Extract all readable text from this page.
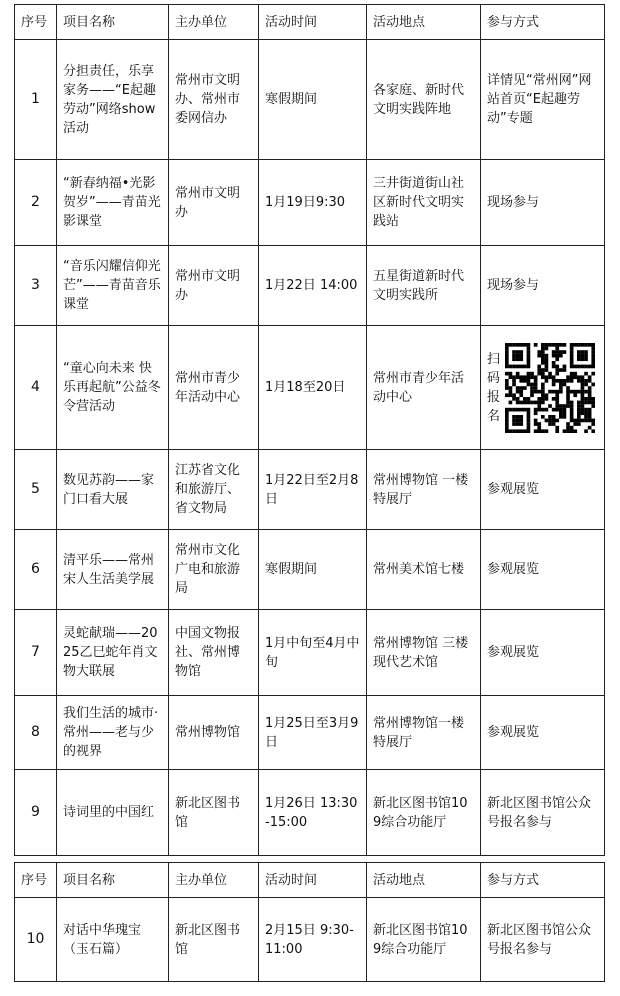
序号	项目名称	主办单位	活动时间	活动地点	参与方式
1	分担责任，乐享家务——“E起趣劳动”网络show活动	常州市文明办、常州市委网信办	寒假期间	各家庭、新时代文明实践阵地	详情见“常州网”网站首页“E起趣劳动”专题
2	“新春纳福•光影贺岁”——青苗光影课堂	常州市文明办	1月19日9:30	三井街道街山社区新时代文明实践站	现场参与
3	“音乐闪耀信仰光芒”——青苗音乐课堂	常州市文明办	1月22日 14:00	五星街道新时代文明实践所	现场参与
4	“童心向未来 快乐再起航”公益冬令营活动	常州市青少年活动中心	1月18至20日	常州市青少年活动中心	扫码报名

5	数见苏韵——家门口看大展	江苏省文化和旅游厅、省文物局	1月22日至2月8日	常州博物馆 一楼特展厅	参观展览
6	清平乐——常州宋人生活美学展	常州市文化广电和旅游局	寒假期间	常州美术馆七楼	参观展览
7	灵蛇献瑞——2025乙巳蛇年肖文物大联展	中国文物报社、常州博物馆	1月中旬至4月中旬	常州博物馆 三楼现代艺术馆	参观展览
8	我们生活的城市·常州——老与少的视界	常州博物馆	1月25日至3月9日	常州博物馆一楼特展厅	参观展览
9	诗词里的中国红	新北区图书馆	1月26日 13:30-15:00	新北区图书馆109综合功能厅	新北区图书馆公众号报名参与
序号	项目名称	主办单位	活动时间	活动地点	参与方式
10	对话中华瑰宝（玉石篇）	新北区图书馆	2月15日 9:30-11:00	新北区图书馆109综合功能厅	新北区图书馆公众号报名参与
